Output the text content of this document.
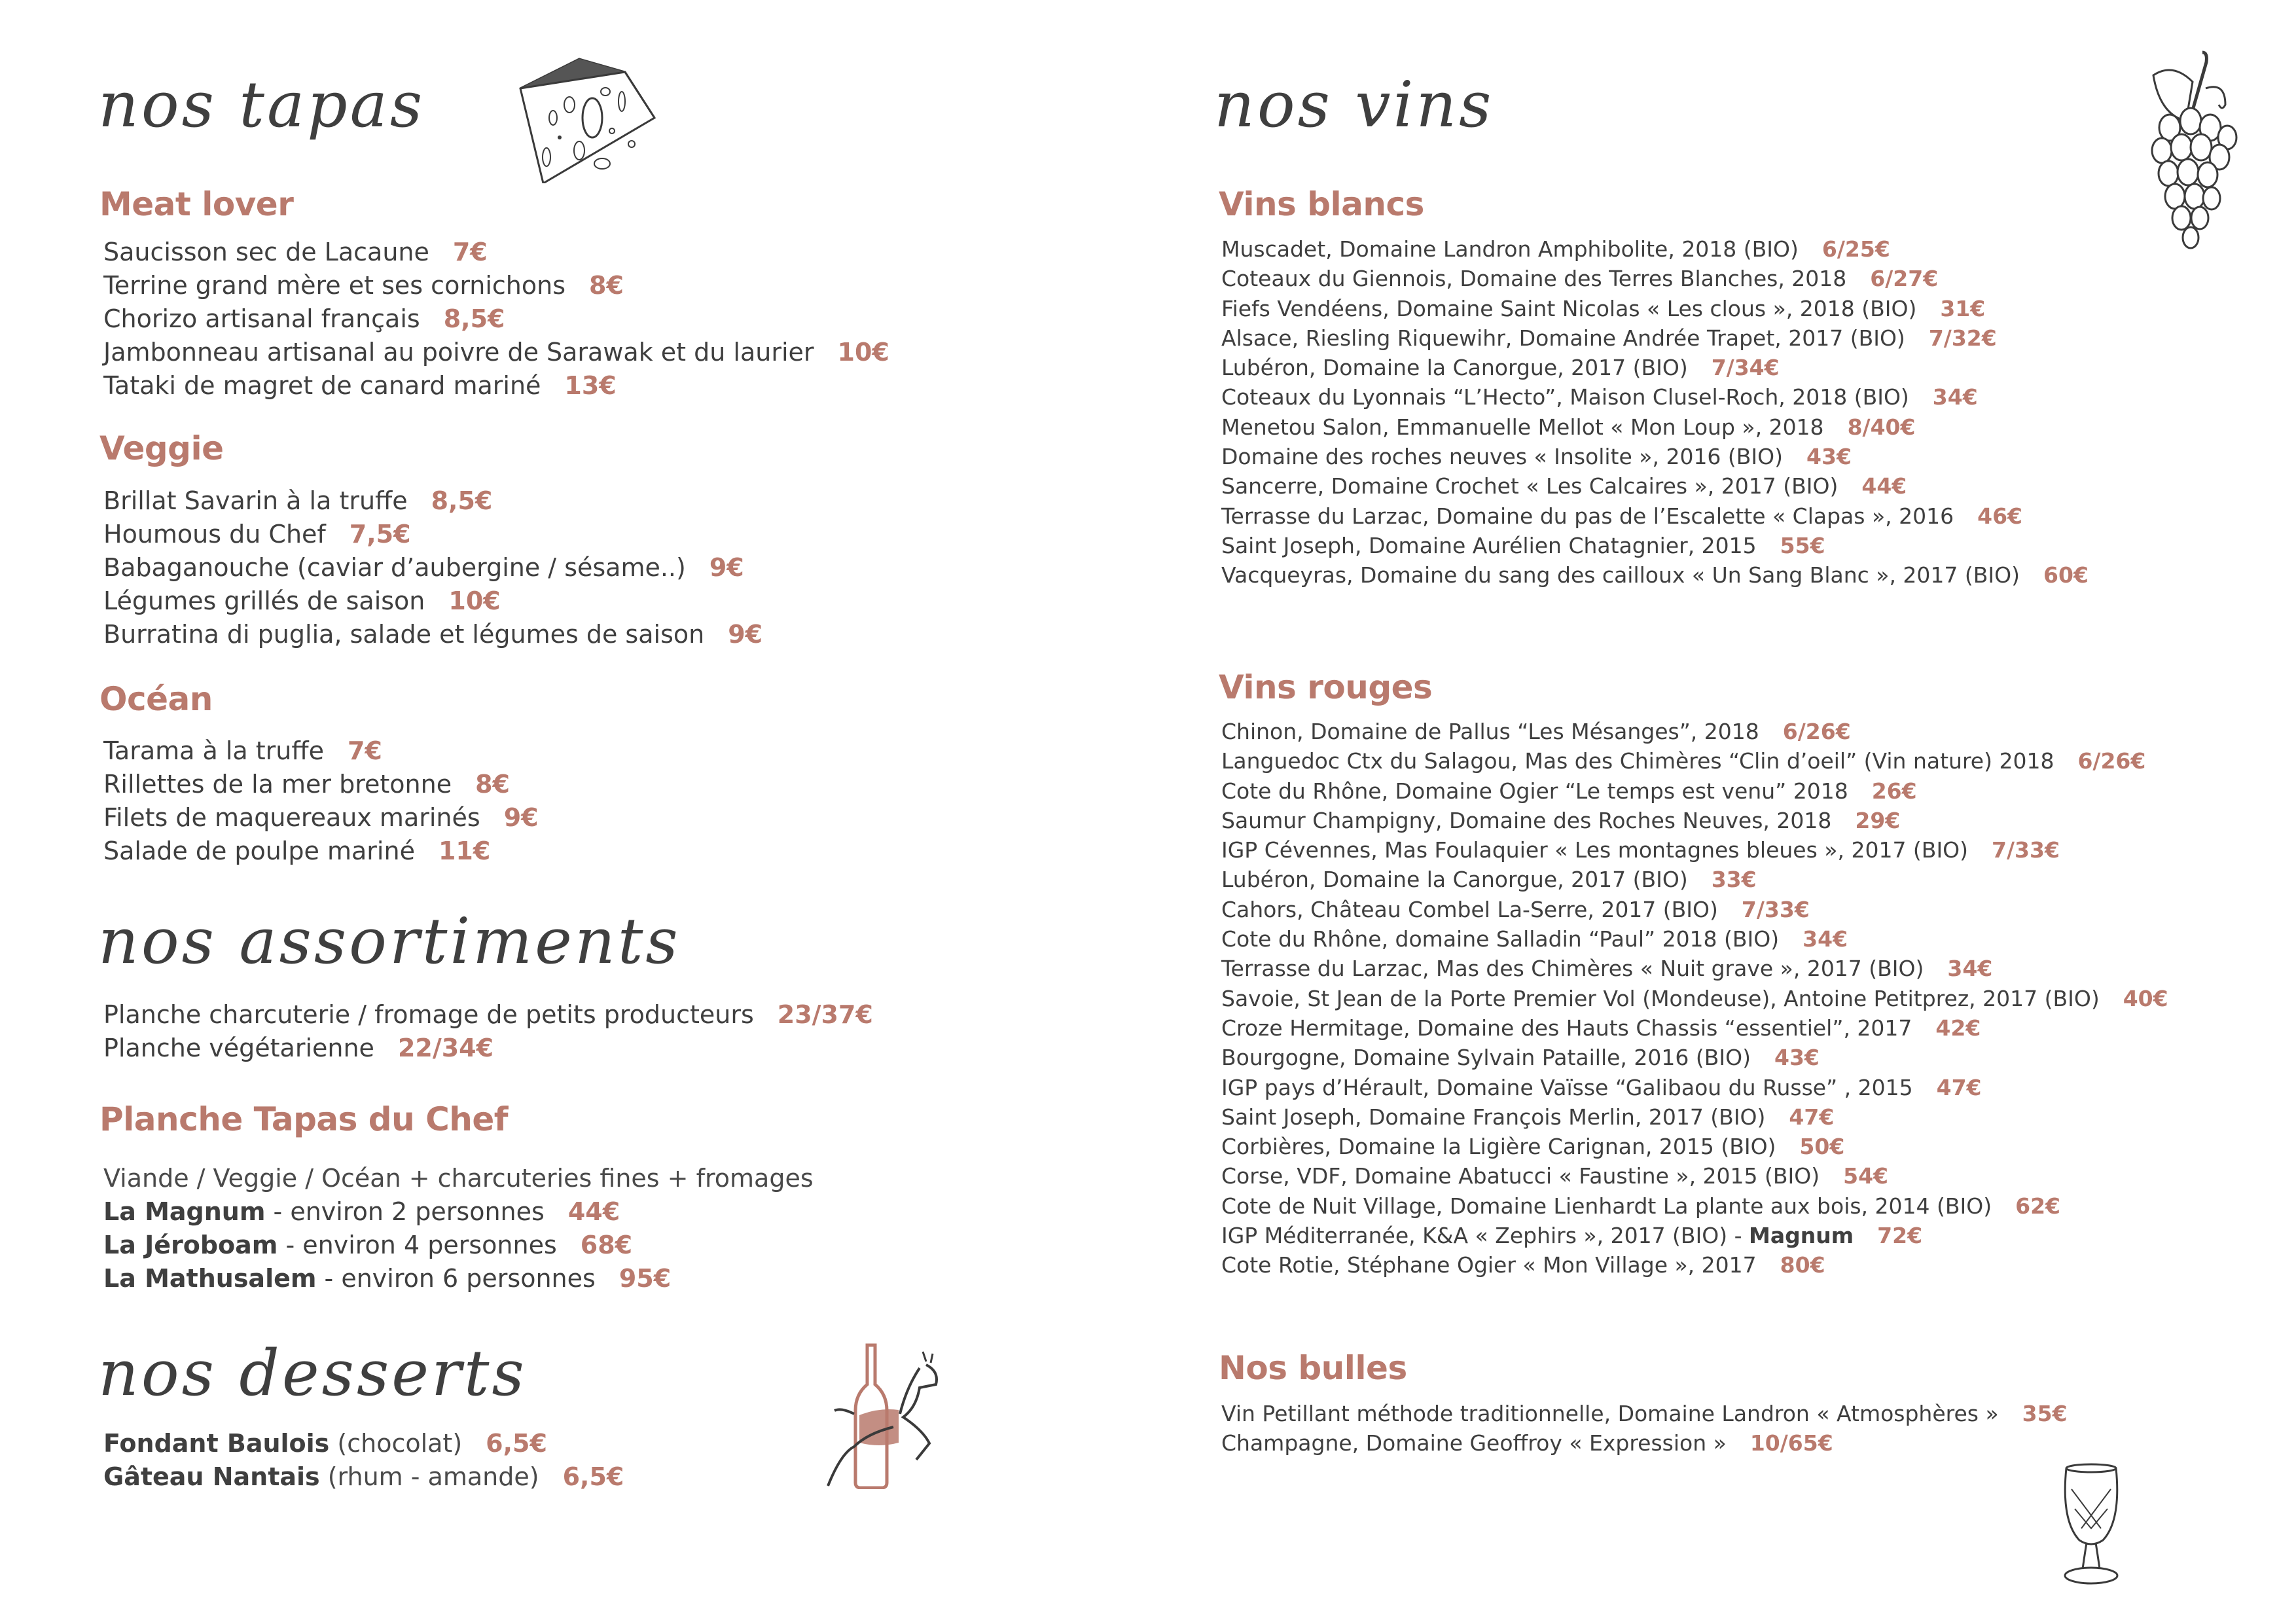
nos tapas
Meat lover
Saucisson sec de Lacaune 7€
Terrine grand mère et ses cornichons 8€
Chorizo artisanal français 8,5€
Jambonneau artisanal au poivre de Sarawak et du laurier 10€
Tataki de magret de canard mariné 13€
Veggie
Brillat Savarin à la truffe 8,5€
Houmous du Chef 7,5€
Babaganouche (caviar d’aubergine / sésame..) 9€
Légumes grillés de saison 10€
Burratina di puglia, salade et légumes de saison 9€
Océan
Tarama à la truffe 7€
Rillettes de la mer bretonne 8€
Filets de maquereaux marinés 9€
Salade de poulpe mariné 11€
nos assortiments
Planche charcuterie / fromage de petits producteurs 23/37€
Planche végétarienne 22/34€
Planche Tapas du Chef
Viande / Veggie / Océan + charcuteries fines + fromages
La Magnum - environ 2 personnes 44€
La Jéroboam - environ 4 personnes 68€
La Mathusalem - environ 6 personnes 95€
nos desserts
Fondant Baulois (chocolat) 6,5€
Gâteau Nantais (rhum - amande) 6,5€
nos vins
Vins blancs
Muscadet, Domaine Landron Amphibolite, 2018 (BIO) 6/25€
Coteaux du Giennois, Domaine des Terres Blanches, 2018 6/27€
Fiefs Vendéens, Domaine Saint Nicolas « Les clous », 2018 (BIO) 31€
Alsace, Riesling Riquewihr, Domaine Andrée Trapet, 2017 (BIO) 7/32€
Lubéron, Domaine la Canorgue, 2017 (BIO) 7/34€
Coteaux du Lyonnais “L’Hecto”, Maison Clusel-Roch, 2018 (BIO) 34€
Menetou Salon, Emmanuelle Mellot « Mon Loup », 2018 8/40€
Domaine des roches neuves « Insolite », 2016 (BIO) 43€
Sancerre, Domaine Crochet « Les Calcaires », 2017 (BIO) 44€
Terrasse du Larzac, Domaine du pas de l’Escalette « Clapas », 2016 46€
Saint Joseph, Domaine Aurélien Chatagnier, 2015 55€
Vacqueyras, Domaine du sang des cailloux « Un Sang Blanc », 2017 (BIO) 60€
Vins rouges
Chinon, Domaine de Pallus “Les Mésanges”, 2018 6/26€
Languedoc Ctx du Salagou, Mas des Chimères “Clin d’oeil” (Vin nature) 2018 6/26€
Cote du Rhône, Domaine Ogier “Le temps est venu” 2018 26€
Saumur Champigny, Domaine des Roches Neuves, 2018 29€
IGP Cévennes, Mas Foulaquier « Les montagnes bleues », 2017 (BIO) 7/33€
Lubéron, Domaine la Canorgue, 2017 (BIO) 33€
Cahors, Château Combel La-Serre, 2017 (BIO) 7/33€
Cote du Rhône, domaine Salladin “Paul” 2018 (BIO) 34€
Terrasse du Larzac, Mas des Chimères « Nuit grave », 2017 (BIO) 34€
Savoie, St Jean de la Porte Premier Vol (Mondeuse), Antoine Petitprez, 2017 (BIO) 40€
Croze Hermitage, Domaine des Hauts Chassis “essentiel”, 2017 42€
Bourgogne, Domaine Sylvain Pataille, 2016 (BIO) 43€
IGP pays d’Hérault, Domaine Vaïsse “Galibaou du Russe” , 2015 47€
Saint Joseph, Domaine François Merlin, 2017 (BIO) 47€
Corbières, Domaine la Ligière Carignan, 2015 (BIO) 50€
Corse, VDF, Domaine Abatucci « Faustine », 2015 (BIO) 54€
Cote de Nuit Village, Domaine Lienhardt La plante aux bois, 2014 (BIO) 62€
IGP Méditerranée, K&A « Zephirs », 2017 (BIO) - Magnum 72€
Cote Rotie, Stéphane Ogier « Mon Village », 2017 80€
Nos bulles
Vin Petillant méthode traditionnelle, Domaine Landron « Atmosphères » 35€
Champagne, Domaine Geoffroy « Expression » 10/65€
